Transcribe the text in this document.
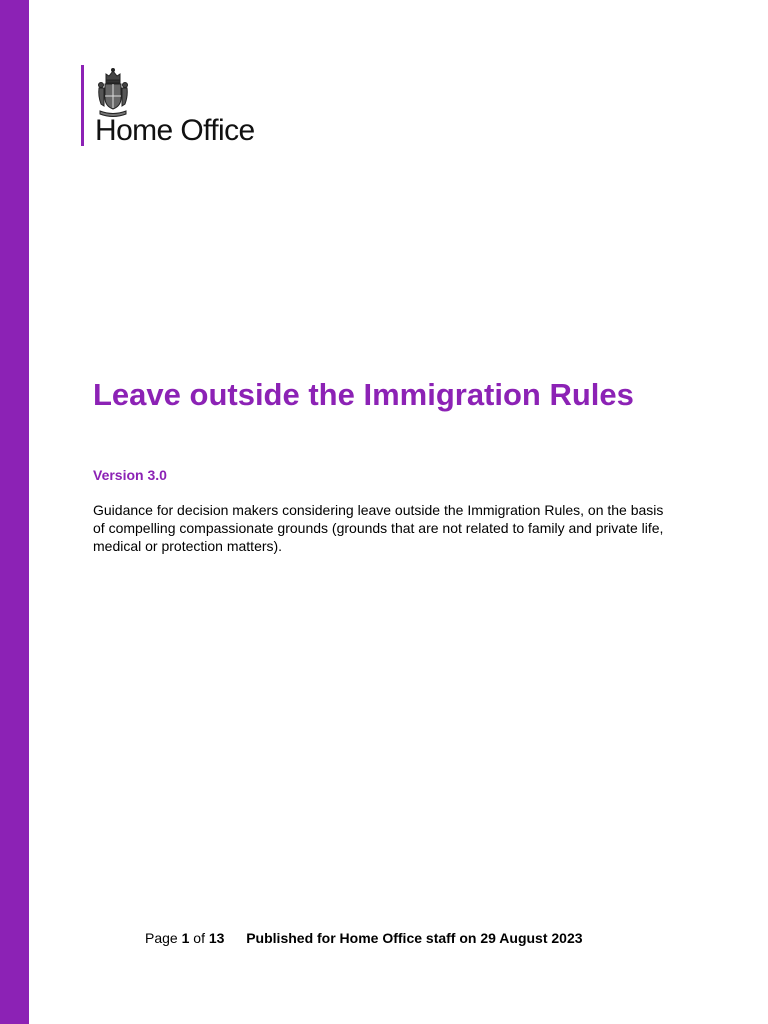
Home Office
Leave outside the Immigration Rules
Version 3.0

Guidance for decision makers considering leave outside the Immigration Rules, on the basis of compelling compassionate grounds (grounds that are not related to family and private life, medical or protection matters).

Page 1 of 13 Published for Home Office staff on 29 August 2023
